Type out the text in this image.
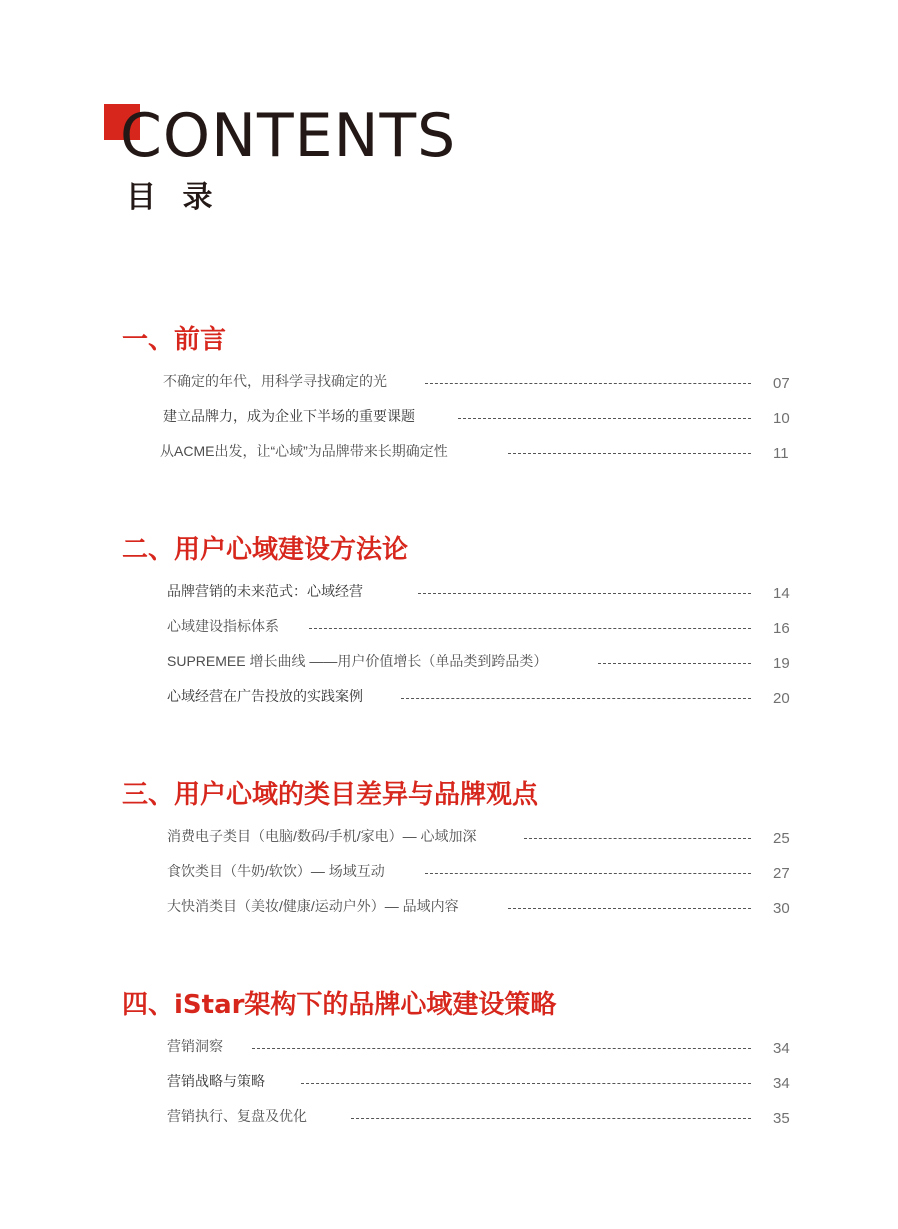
CONTENTS
目 录
一、前言
不确定的年代，用科学寻找确定的光	07
建立品牌力，成为企业下半场的重要课题	10
从ACME出发，让“心域”为品牌带来长期确定性	11
二、用户心域建设方法论
品牌营销的未来范式：心域经营	14
心域建设指标体系	16
SUPREMEE 增长曲线 ——用户价值增长（单品类到跨品类）	19
心域经营在广告投放的实践案例	20
三、用户心域的类目差异与品牌观点
消费电子类目（电脑/数码/手机/家电）— 心域加深	25
食饮类目（牛奶/软饮）— 场域互动	27
大快消类目（美妆/健康/运动户外）— 品域内容	30
四、iStar架构下的品牌心域建设策略
营销洞察	34
营销战略与策略	34
营销执行、复盘及优化	35
